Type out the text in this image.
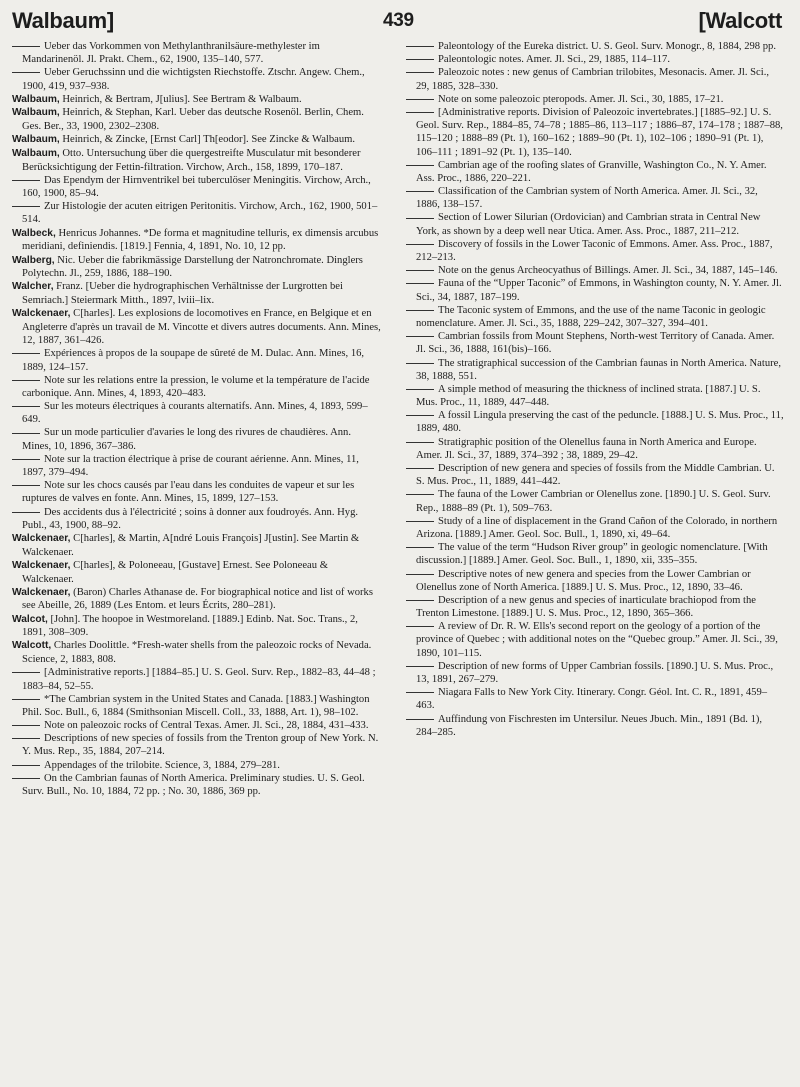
Walbaum]	439	[Walcott

Ueber das Vorkommen von Methylanthranilsäure-methylester im Mandarinenöl. Jl. Prakt. Chem., 62, 1900, 135–140, 577.

Ueber Geruchssinn und die wichtigsten Riechstoffe. Ztschr. Angew. Chem., 1900, 419, 937–938.

Walbaum, Heinrich, & Bertram, J[ulius]. See Bertram & Walbaum.

Walbaum, Heinrich, & Stephan, Karl. Ueber das deutsche Rosenöl. Berlin, Chem. Ges. Ber., 33, 1900, 2302–2308.

Walbaum, Heinrich, & Zincke, [Ernst Carl] Th[eodor]. See Zincke & Walbaum.

Walbaum, Otto. Untersuchung über die quergestreifte Musculatur mit besonderer Berücksichtigung der Fettin-filtration. Virchow, Arch., 158, 1899, 170–187.

Das Ependym der Hirnventrikel bei tuberculöser Meningitis. Virchow, Arch., 160, 1900, 85–94.

Zur Histologie der acuten eitrigen Peritonitis. Virchow, Arch., 162, 1900, 501–514.

Walbeck, Henricus Johannes. *De forma et magnitudine telluris, ex dimensis arcubus meridiani, definiendis. [1819.] Fennia, 4, 1891, No. 10, 12 pp.

Walberg, Nic. Ueber die fabrikmässige Darstellung der Natronchromate. Dinglers Polytechn. Jl., 259, 1886, 188–190.

Walcher, Franz. [Ueber die hydrographischen Verhältnisse der Lurgrotten bei Semriach.] Steiermark Mitth., 1897, lviii–lix.

Walckenaer, C[harles]. Les explosions de locomotives en France, en Belgique et en Angleterre d'après un travail de M. Vincotte et divers autres documents. Ann. Mines, 12, 1887, 361–426.

Expériences à propos de la soupape de sûreté de M. Dulac. Ann. Mines, 16, 1889, 124–157.

Note sur les relations entre la pression, le volume et la température de l'acide carbonique. Ann. Mines, 4, 1893, 420–483.

Sur les moteurs électriques à courants alternatifs. Ann. Mines, 4, 1893, 599–649.

Sur un mode particulier d'avaries le long des rivures de chaudières. Ann. Mines, 10, 1896, 367–386.

Note sur la traction électrique à prise de courant aérienne. Ann. Mines, 11, 1897, 379–494.

Note sur les chocs causés par l'eau dans les conduites de vapeur et sur les ruptures de valves en fonte. Ann. Mines, 15, 1899, 127–153.

Des accidents dus à l'électricité ; soins à donner aux foudroyés. Ann. Hyg. Publ., 43, 1900, 88–92.

Walckenaer, C[harles], & Martin, A[ndré Louis François] J[ustin]. See Martin & Walckenaer.

Walckenaer, C[harles], & Poloneeau, [Gustave] Ernest. See Poloneeau & Walckenaer.

Walckenaer, (Baron) Charles Athanase de. For biographical notice and list of works see Abeille, 26, 1889 (Les Entom. et leurs Écrits, 280–281).

Walcot, [John]. The hoopoe in Westmoreland. [1889.] Edinb. Nat. Soc. Trans., 2, 1891, 308–309.

Walcott, Charles Doolittle. *Fresh-water shells from the paleozoic rocks of Nevada. Science, 2, 1883, 808.

[Administrative reports.] [1884–85.] U. S. Geol. Surv. Rep., 1882–83, 44–48 ; 1883–84, 52–55.

*The Cambrian system in the United States and Canada. [1883.] Washington Phil. Soc. Bull., 6, 1884 (Smithsonian Miscell. Coll., 33, 1888, Art. 1), 98–102.

Note on paleozoic rocks of Central Texas. Amer. Jl. Sci., 28, 1884, 431–433.

Descriptions of new species of fossils from the Trenton group of New York. N. Y. Mus. Rep., 35, 1884, 207–214.

Appendages of the trilobite. Science, 3, 1884, 279–281.

On the Cambrian faunas of North America. Preliminary studies. U. S. Geol. Surv. Bull., No. 10, 1884, 72 pp. ; No. 30, 1886, 369 pp.

Paleontology of the Eureka district. U. S. Geol. Surv. Monogr., 8, 1884, 298 pp.

Paleontologic notes. Amer. Jl. Sci., 29, 1885, 114–117.

Paleozoic notes : new genus of Cambrian trilobites, Mesonacis. Amer. Jl. Sci., 29, 1885, 328–330.

Note on some paleozoic pteropods. Amer. Jl. Sci., 30, 1885, 17–21.

[Administrative reports. Division of Paleozoic invertebrates.] [1885–92.] U. S. Geol. Surv. Rep., 1884–85, 74–78 ; 1885–86, 113–117 ; 1886–87, 174–178 ; 1887–88, 115–120 ; 1888–89 (Pt. 1), 160–162 ; 1889–90 (Pt. 1), 102–106 ; 1890–91 (Pt. 1), 106–111 ; 1891–92 (Pt. 1), 135–140.

Cambrian age of the roofing slates of Granville, Washington Co., N. Y. Amer. Ass. Proc., 1886, 220–221.

Classification of the Cambrian system of North America. Amer. Jl. Sci., 32, 1886, 138–157.

Section of Lower Silurian (Ordovician) and Cambrian strata in Central New York, as shown by a deep well near Utica. Amer. Ass. Proc., 1887, 211–212.

Discovery of fossils in the Lower Taconic of Emmons. Amer. Ass. Proc., 1887, 212–213.

Note on the genus Archeocyathus of Billings. Amer. Jl. Sci., 34, 1887, 145–146.

Fauna of the “Upper Taconic” of Emmons, in Washington county, N. Y. Amer. Jl. Sci., 34, 1887, 187–199.

The Taconic system of Emmons, and the use of the name Taconic in geologic nomenclature. Amer. Jl. Sci., 35, 1888, 229–242, 307–327, 394–401.

Cambrian fossils from Mount Stephens, North-west Territory of Canada. Amer. Jl. Sci., 36, 1888, 161(bis)–166.

The stratigraphical succession of the Cambrian faunas in North America. Nature, 38, 1888, 551.

A simple method of measuring the thickness of inclined strata. [1887.] U. S. Mus. Proc., 11, 1889, 447–448.

A fossil Lingula preserving the cast of the peduncle. [1888.] U. S. Mus. Proc., 11, 1889, 480.

Stratigraphic position of the Olenellus fauna in North America and Europe. Amer. Jl. Sci., 37, 1889, 374–392 ; 38, 1889, 29–42.

Description of new genera and species of fossils from the Middle Cambrian. U. S. Mus. Proc., 11, 1889, 441–442.

The fauna of the Lower Cambrian or Olenellus zone. [1890.] U. S. Geol. Surv. Rep., 1888–89 (Pt. 1), 509–763.

Study of a line of displacement in the Grand Cañon of the Colorado, in northern Arizona. [1889.] Amer. Geol. Soc. Bull., 1, 1890, xi, 49–64.

The value of the term “Hudson River group” in geologic nomenclature. [With discussion.] [1889.] Amer. Geol. Soc. Bull., 1, 1890, xii, 335–355.

Descriptive notes of new genera and species from the Lower Cambrian or Olenellus zone of North America. [1889.] U. S. Mus. Proc., 12, 1890, 33–46.

Description of a new genus and species of inarticulate brachiopod from the Trenton Limestone. [1889.] U. S. Mus. Proc., 12, 1890, 365–366.

A review of Dr. R. W. Ells's second report on the geology of a portion of the province of Quebec ; with additional notes on the “Quebec group.” Amer. Jl. Sci., 39, 1890, 101–115.

Description of new forms of Upper Cambrian fossils. [1890.] U. S. Mus. Proc., 13, 1891, 267–279.

Niagara Falls to New York City. Itinerary. Congr. Géol. Int. C. R., 1891, 459–463.

Auffindung von Fischresten im Untersilur. Neues Jbuch. Min., 1891 (Bd. 1), 284–285.
